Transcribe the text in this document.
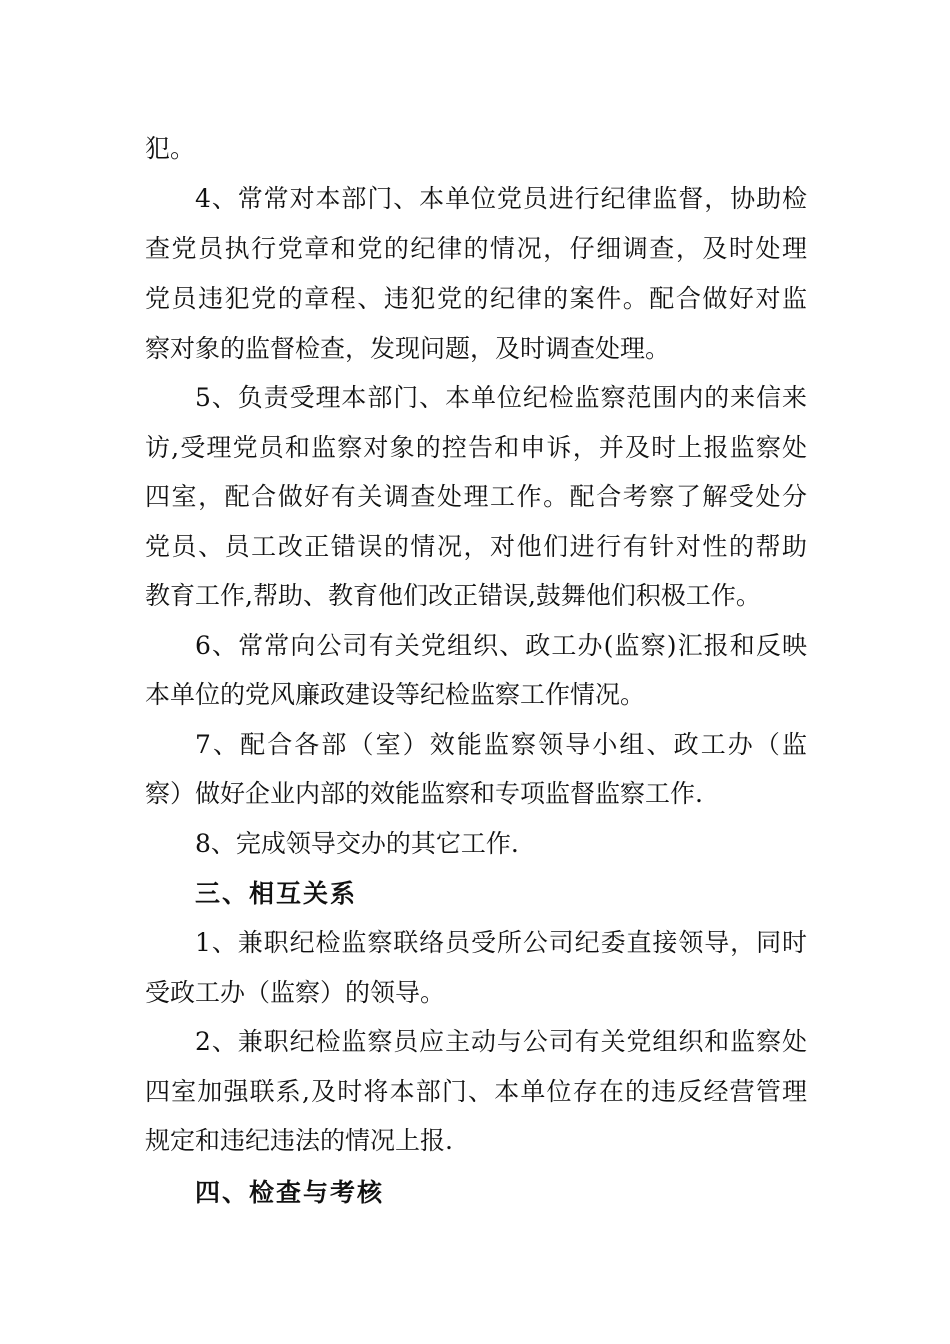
犯。
4、常常对本部门、本单位党员进行纪律监督，协助检
查党员执行党章和党的纪律的情况，仔细调查，及时处理
党员违犯党的章程、违犯党的纪律的案件。配合做好对监
察对象的监督检查，发现问题，及时调查处理。
5、负责受理本部门、本单位纪检监察范围内的来信来
访,受理党员和监察对象的控告和申诉，并及时上报监察处
四室，配合做好有关调查处理工作。配合考察了解受处分
党员、员工改正错误的情况，对他们进行有针对性的帮助
教育工作,帮助、教育他们改正错误,鼓舞他们积极工作。
6、常常向公司有关党组织、政工办(监察)汇报和反映
本单位的党风廉政建设等纪检监察工作情况。
7、配合各部（室）效能监察领导小组、政工办（监
察）做好企业内部的效能监察和专项监督监察工作.
8、完成领导交办的其它工作.
三、相互关系
1、兼职纪检监察联络员受所公司纪委直接领导，同时
受政工办（监察）的领导。
2、兼职纪检监察员应主动与公司有关党组织和监察处
四室加强联系,及时将本部门、本单位存在的违反经营管理
规定和违纪违法的情况上报.
四、检查与考核
